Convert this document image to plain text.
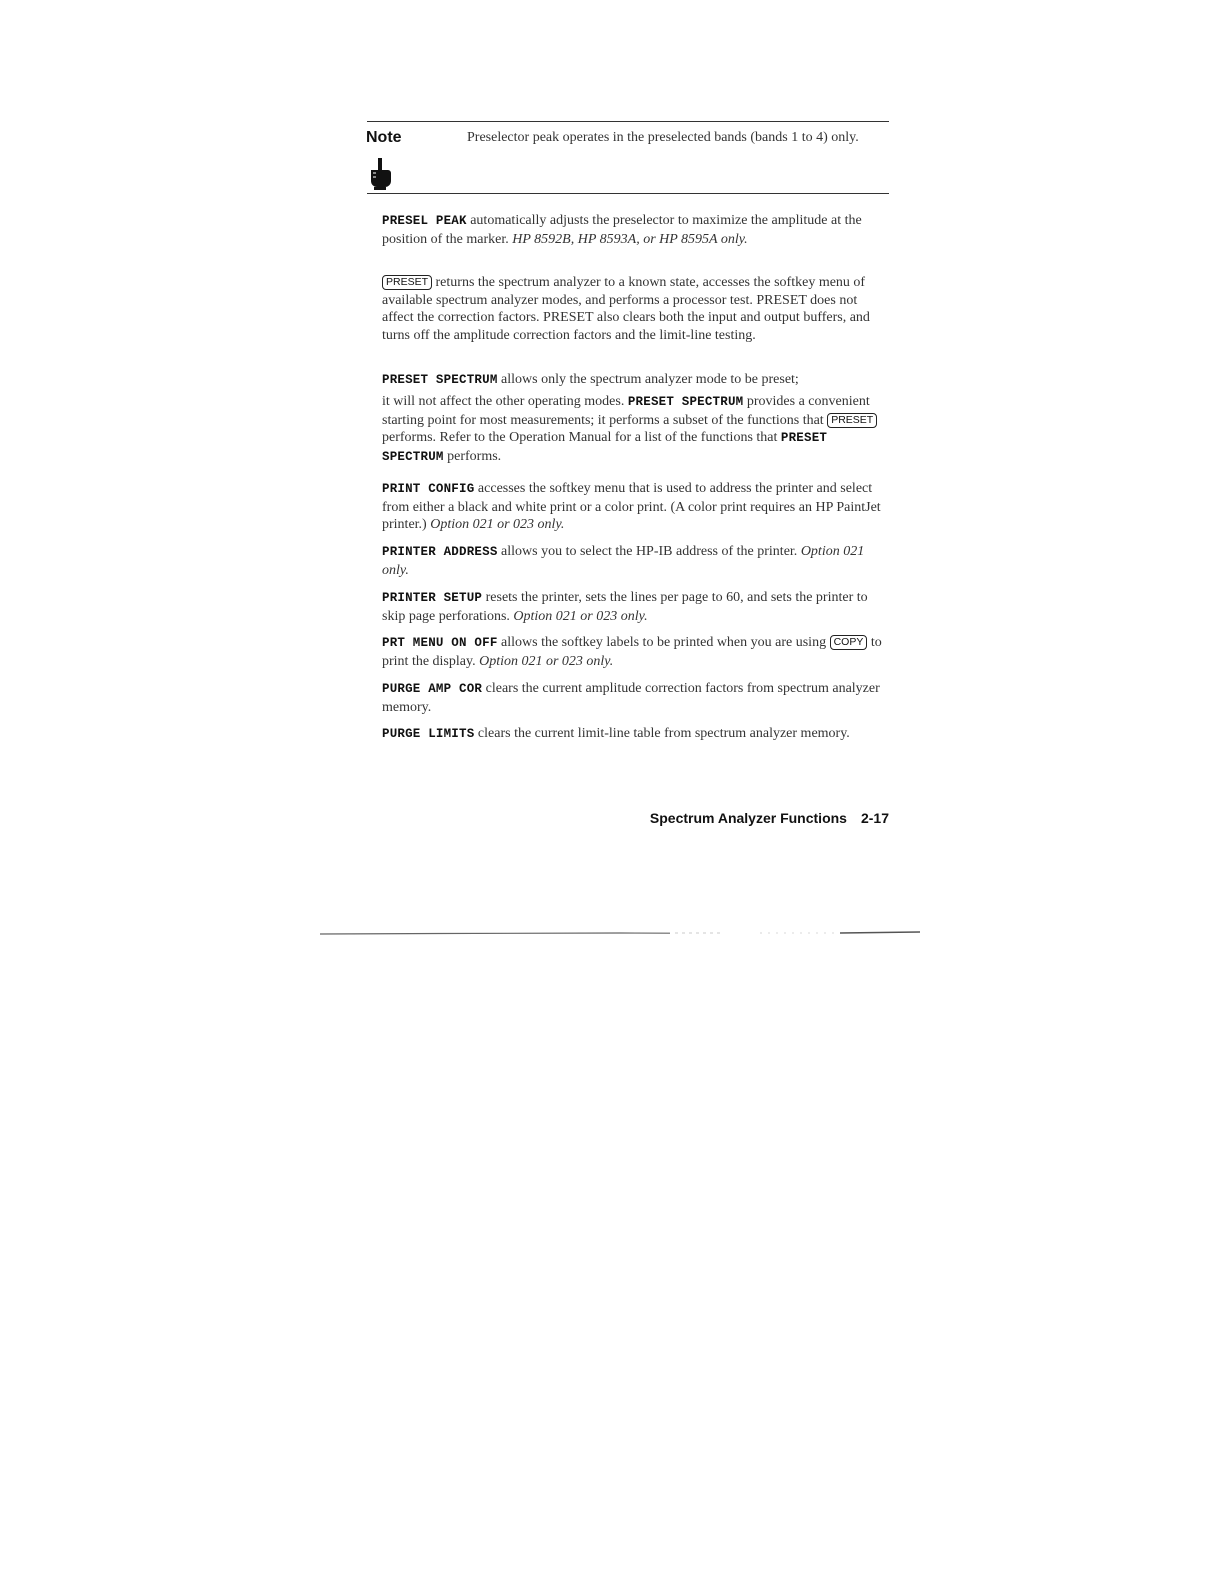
Note	Preselector peak operates in the preselected bands (bands 1 to 4) only.

PRESEL PEAK automatically adjusts the preselector to maximize the amplitude at the position of the marker. HP 8592B, HP 8593A, or HP 8595A only.

PRESET returns the spectrum analyzer to a known state, accesses the softkey menu of available spectrum analyzer modes, and performs a processor test. PRESET does not affect the correction factors. PRESET also clears both the input and output buffers, and turns off the amplitude correction factors and the limit-line testing.

PRESET SPECTRUM allows only the spectrum analyzer mode to be preset;

it will not affect the other operating modes. PRESET SPECTRUM provides a convenient starting point for most measurements; it performs a subset of the functions that PRESET performs. Refer to the Operation Manual for a list of the functions that PRESET SPECTRUM performs.

PRINT CONFIG accesses the softkey menu that is used to address the printer and select from either a black and white print or a color print. (A color print requires an HP PaintJet printer.) Option 021 or 023 only.

PRINTER ADDRESS allows you to select the HP-IB address of the printer. Option 021 only.

PRINTER SETUP resets the printer, sets the lines per page to 60, and sets the printer to skip page perforations. Option 021 or 023 only.

PRT MENU ON OFF allows the softkey labels to be printed when you are using COPY to print the display. Option 021 or 023 only.

PURGE AMP COR clears the current amplitude correction factors from spectrum analyzer memory.

PURGE LIMITS clears the current limit-line table from spectrum analyzer memory.

Spectrum Analyzer Functions 2-17
